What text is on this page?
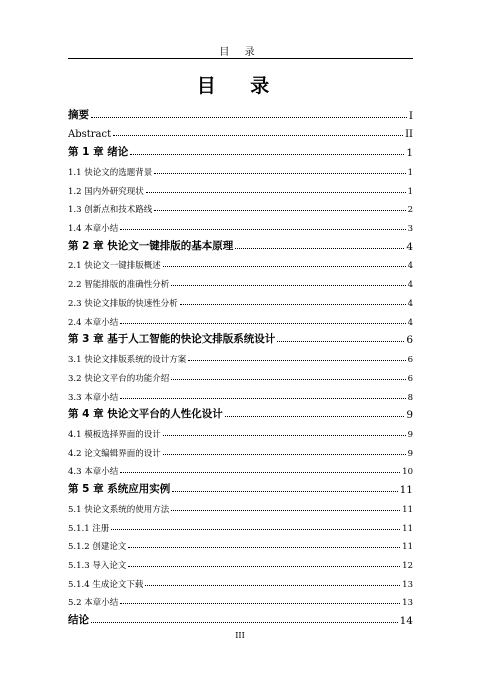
目 录
目 录
摘要	I
Abstract	II
第 1 章 绪论	1
1.1 快论文的选题背景	1
1.2 国内外研究现状	1
1.3 创新点和技术路线	2
1.4 本章小结	3
第 2 章 快论文一键排版的基本原理	4
2.1 快论文一键排版概述	4
2.2 智能排版的准确性分析	4
2.3 快论文排版的快速性分析	4
2.4 本章小结	4
第 3 章 基于人工智能的快论文排版系统设计	6
3.1 快论文排版系统的设计方案	6
3.2 快论文平台的功能介绍	6
3.3 本章小结	8
第 4 章 快论文平台的人性化设计	9
4.1 模板选择界面的设计	9
4.2 论文编辑界面的设计	9
4.3 本章小结	10
第 5 章 系统应用实例	11
5.1 快论文系统的使用方法	11
5.1.1 注册	11
5.1.2 创建论文	11
5.1.3 导入论文	12
5.1.4 生成论文下载	13
5.2 本章小结	13
结论	14
III
